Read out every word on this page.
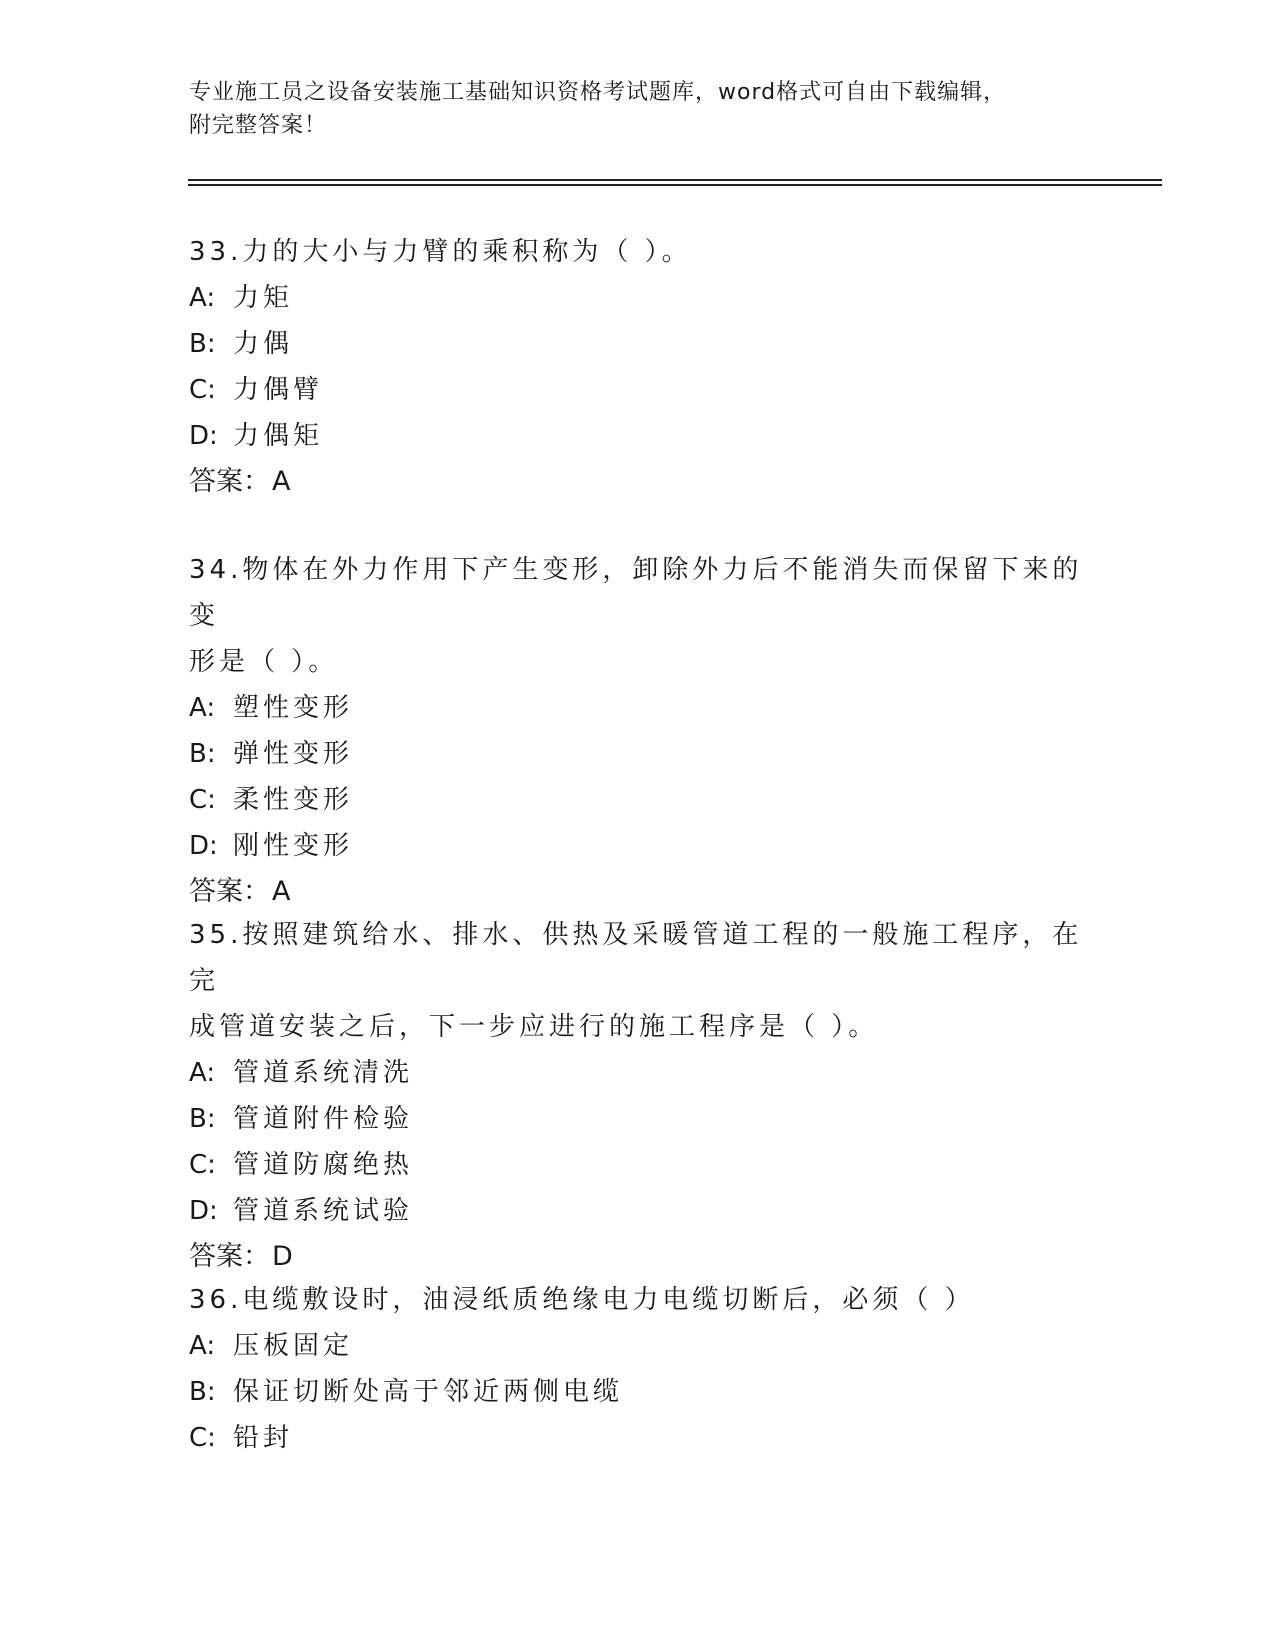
专业施工员之设备安装施工基础知识资格考试题库，word格式可自由下载编辑，
附完整答案！

33.力的大小与力臂的乘积称为（ ）。

A: 力矩

B: 力偶

C: 力偶臂

D: 力偶矩

答案：A

34.物体在外力作用下产生变形，卸除外力后不能消失而保留下来的变

形是（ ）。

A: 塑性变形

B: 弹性变形

C: 柔性变形

D: 刚性变形

答案：A

35.按照建筑给水、排水、供热及采暖管道工程的一般施工程序，在完

成管道安装之后，下一步应进行的施工程序是（ ）。

A: 管道系统清洗

B: 管道附件检验

C: 管道防腐绝热

D: 管道系统试验

答案：D

36.电缆敷设时，油浸纸质绝缘电力电缆切断后，必须（ ）

A: 压板固定

B: 保证切断处高于邻近两侧电缆

C: 铅封
